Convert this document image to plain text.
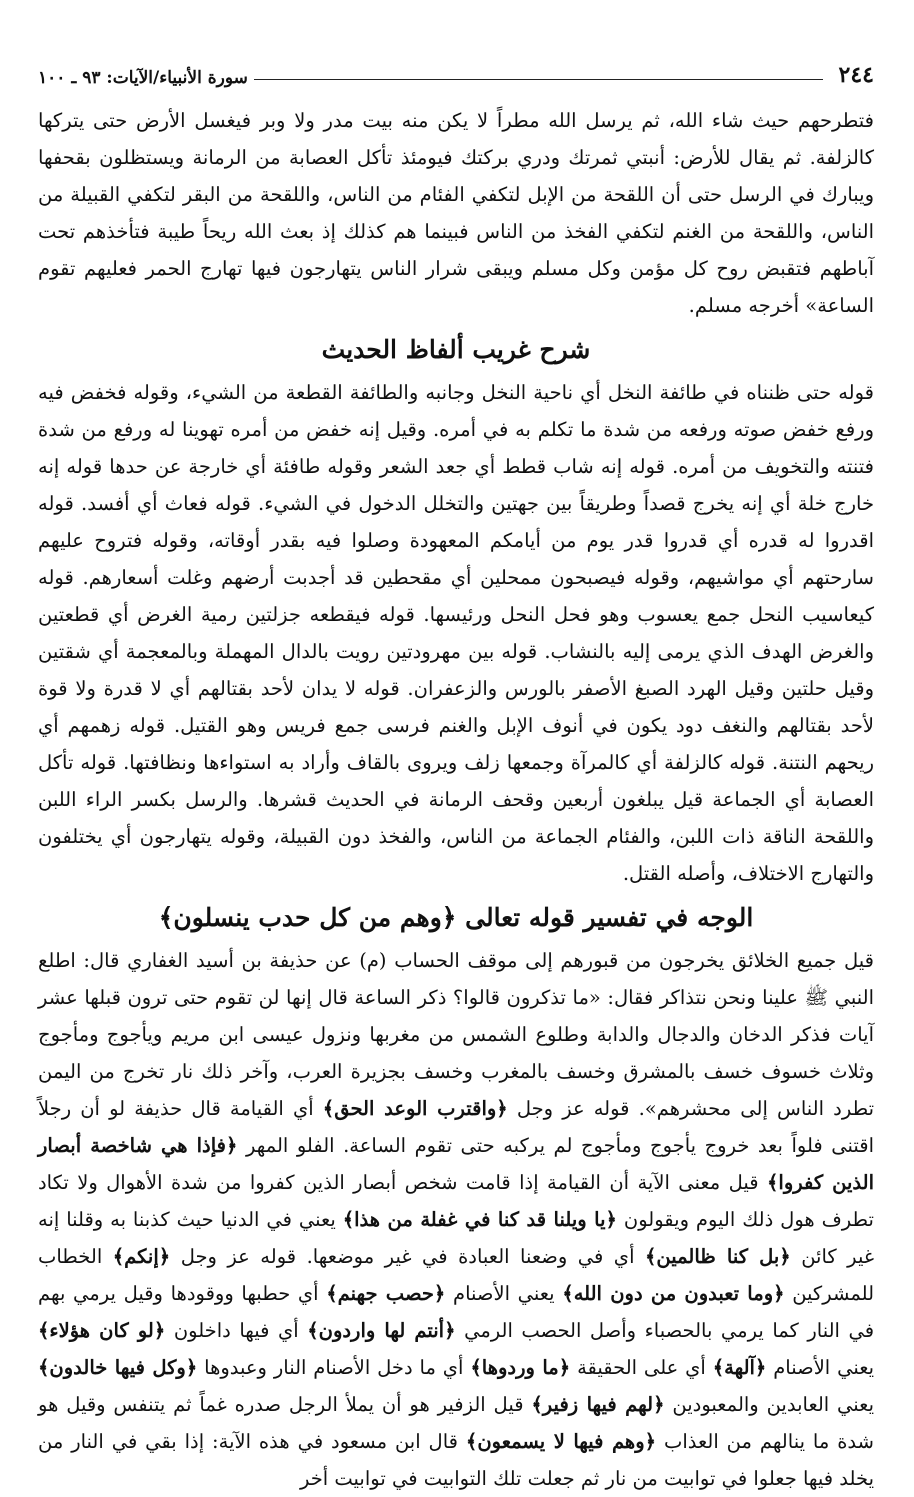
٢٤٤
سورة الأنبياء/الآيات: ٩٣ ـ ١٠٠

فتطرحهم حيث شاء الله، ثم يرسل الله مطراً لا يكن منه بيت مدر ولا وبر فيغسل الأرض حتى يتركها كالزلفة. ثم يقال للأرض: أنبتي ثمرتك ودري بركتك فيومئذ تأكل العصابة من الرمانة ويستظلون بقحفها ويبارك في الرسل حتى أن اللقحة من الإبل لتكفي الفئام من الناس، واللقحة من البقر لتكفي القبيلة من الناس، واللقحة من الغنم لتكفي الفخذ من الناس فبينما هم كذلك إذ بعث الله ريحاً طيبة فتأخذهم تحت آباطهم فتقبض روح كل مؤمن وكل مسلم ويبقى شرار الناس يتهارجون فيها تهارج الحمر فعليهم تقوم الساعة» أخرجه مسلم.

شرح غريب ألفاظ الحديث

قوله حتى ظنناه في طائفة النخل أي ناحية النخل وجانبه والطائفة القطعة من الشيء، وقوله فخفض فيه ورفع خفض صوته ورفعه من شدة ما تكلم به في أمره. وقيل إنه خفض من أمره تهوينا له ورفع من شدة فتنته والتخويف من أمره. قوله إنه شاب قطط أي جعد الشعر وقوله طافئة أي خارجة عن حدها قوله إنه خارج خلة أي إنه يخرج قصداً وطريقاً بين جهتين والتخلل الدخول في الشيء. قوله فعاث أي أفسد. قوله اقدروا له قدره أي قدروا قدر يوم من أيامكم المعهودة وصلوا فيه بقدر أوقاته، وقوله فتروح عليهم سارحتهم أي مواشيهم، وقوله فيصبحون ممحلين أي مقحطين قد أجدبت أرضهم وغلت أسعارهم. قوله كيعاسيب النحل جمع يعسوب وهو فحل النحل ورئيسها. قوله فيقطعه جزلتين رمية الغرض أي قطعتين والغرض الهدف الذي يرمى إليه بالنشاب. قوله بين مهرودتين رويت بالدال المهملة وبالمعجمة أي شقتين وقيل حلتين وقيل الهرد الصبغ الأصفر بالورس والزعفران. قوله لا يدان لأحد بقتالهم أي لا قدرة ولا قوة لأحد بقتالهم والنغف دود يكون في أنوف الإبل والغنم فرسى جمع فريس وهو القتيل. قوله زهمهم أي ريحهم النتنة. قوله كالزلفة أي كالمرآة وجمعها زلف ويروى بالقاف وأراد به استواءها ونظافتها. قوله تأكل العصابة أي الجماعة قيل يبلغون أربعين وقحف الرمانة في الحديث قشرها. والرسل بكسر الراء اللبن واللقحة الناقة ذات اللبن، والفئام الجماعة من الناس، والفخذ دون القبيلة، وقوله يتهارجون أي يختلفون والتهارج الاختلاف، وأصله القتل.

الوجه في تفسير قوله تعالى ﴿وهم من كل حدب ينسلون﴾

قيل جميع الخلائق يخرجون من قبورهم إلى موقف الحساب (م) عن حذيفة بن أسيد الغفاري قال: اطلع النبي ﷺ علينا ونحن نتذاكر فقال: «ما تذكرون قالوا؟ ذكر الساعة قال إنها لن تقوم حتى ترون قبلها عشر آيات فذكر الدخان والدجال والدابة وطلوع الشمس من مغربها ونزول عيسى ابن مريم ويأجوج ومأجوج وثلاث خسوف خسف بالمشرق وخسف بالمغرب وخسف بجزيرة العرب، وآخر ذلك نار تخرج من اليمن تطرد الناس إلى محشرهم». قوله عز وجل ﴿واقترب الوعد الحق﴾ أي القيامة قال حذيفة لو أن رجلاً اقتنى فلواً بعد خروج يأجوج ومأجوج لم يركبه حتى تقوم الساعة. الفلو المهر ﴿فإذا هي شاخصة أبصار الذين كفروا﴾ قيل معنى الآية أن القيامة إذا قامت شخص أبصار الذين كفروا من شدة الأهوال ولا تكاد تطرف هول ذلك اليوم ويقولون ﴿يا ويلنا قد كنا في غفلة من هذا﴾ يعني في الدنيا حيث كذبنا به وقلنا إنه غير كائن ﴿بل كنا ظالمين﴾ أي في وضعنا العبادة في غير موضعها. قوله عز وجل ﴿إنكم﴾ الخطاب للمشركين ﴿وما تعبدون من دون الله﴾ يعني الأصنام ﴿حصب جهنم﴾ أي حطبها ووقودها وقيل يرمي بهم في النار كما يرمي بالحصباء وأصل الحصب الرمي ﴿أنتم لها واردون﴾ أي فيها داخلون ﴿لو كان هؤلاء﴾ يعني الأصنام ﴿آلهة﴾ أي على الحقيقة ﴿ما وردوها﴾ أي ما دخل الأصنام النار وعبدوها ﴿وكل فيها خالدون﴾ يعني العابدين والمعبودين ﴿لهم فيها زفير﴾ قيل الزفير هو أن يملأ الرجل صدره غماً ثم يتنفس وقيل هو شدة ما ينالهم من العذاب ﴿وهم فيها لا يسمعون﴾ قال ابن مسعود في هذه الآية: إذا بقي في النار من يخلد فيها جعلوا في توابيت من نار ثم جعلت تلك التوابيت في توابيت أخر
